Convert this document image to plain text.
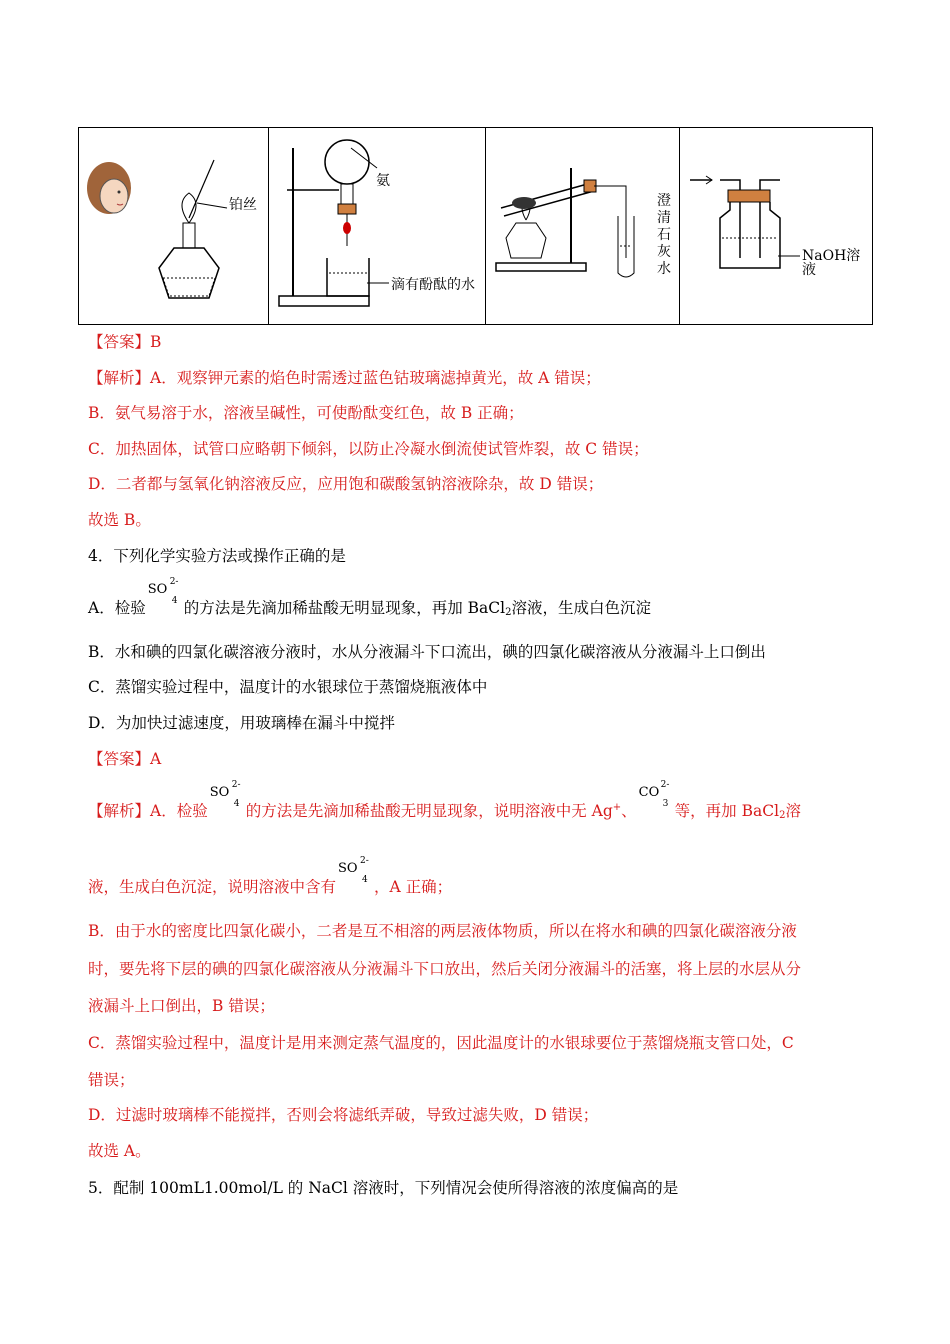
铂丝
氨
滴有酚酞的水
澄
清
石
灰
水
NaOH溶液
【答案】B
【解析】A．观察钾元素的焰色时需透过蓝色钴玻璃滤掉黄光，故 A 错误；
B．氨气易溶于水，溶液呈碱性，可使酚酞变红色，故 B 正确；
C．加热固体，试管口应略朝下倾斜，以防止冷凝水倒流使试管炸裂，故 C 错误；
D．二者都与氢氧化钠溶液反应，应用饱和碳酸氢钠溶液除杂，故 D 错误；
故选 B。
4．下列化学实验方法或操作正确的是
A．检验
SO 2-
4 的方法是先滴加稀盐酸无明显现象，再加 BaCl$_2$溶液，生成白色沉淀
B．水和碘的四氯化碳溶液分液时，水从分液漏斗下口流出，碘的四氯化碳溶液从分液漏斗上口倒出
C．蒸馏实验过程中，温度计的水银球位于蒸馏烧瓶液体中
D．为加快过滤速度，用玻璃棒在漏斗中搅拌
【答案】A
【解析】A．检验
SO 2-
4 的方法是先滴加稀盐酸无明显现象，说明溶液中无 Ag+、
CO 2-
3 等，再加 BaCl$_2$溶
液，生成白色沉淀，说明溶液中含有
SO 2-
4 ，A 正确；
B．由于水的密度比四氯化碳小，二者是互不相溶的两层液体物质，所以在将水和碘的四氯化碳溶液分液
时，要先将下层的碘的四氯化碳溶液从分液漏斗下口放出，然后关闭分液漏斗的活塞，将上层的水层从分
液漏斗上口倒出，B 错误；
C．蒸馏实验过程中，温度计是用来测定蒸气温度的，因此温度计的水银球要位于蒸馏烧瓶支管口处，C
错误；
D．过滤时玻璃棒不能搅拌，否则会将滤纸弄破，导致过滤失败，D 错误；
故选 A。
5．配制 100mL1.00mol/L 的 NaCl 溶液时，下列情况会使所得溶液的浓度偏高的是
